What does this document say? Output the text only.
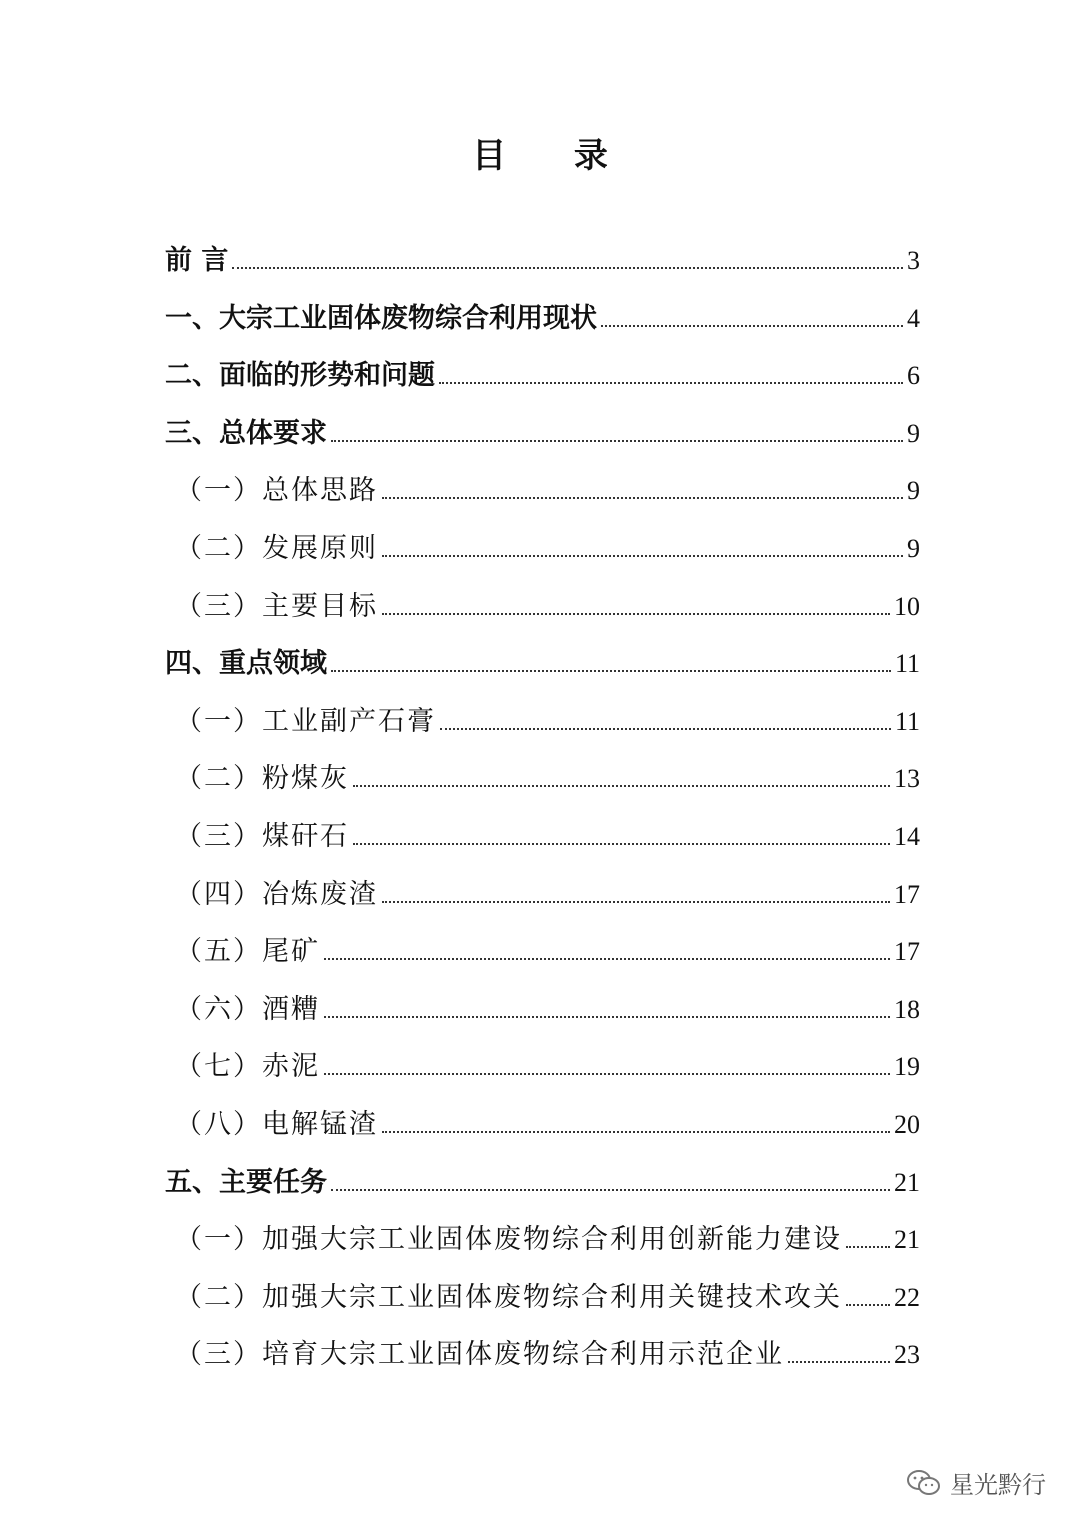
目 录
前 言	3
一、大宗工业固体废物综合利用现状	4
二、面临的形势和问题	6
三、总体要求	9
（一）总体思路	9
（二）发展原则	9
（三）主要目标	10
四、重点领域	11
（一）工业副产石膏	11
（二）粉煤灰	13
（三）煤矸石	14
（四）冶炼废渣	17
（五）尾矿	17
（六）酒糟	18
（七）赤泥	19
（八）电解锰渣	20
五、主要任务	21
（一）加强大宗工业固体废物综合利用创新能力建设 21
（二）加强大宗工业固体废物综合利用关键技术攻关 22
（三）培育大宗工业固体废物综合利用示范企业	23
星光黔行
